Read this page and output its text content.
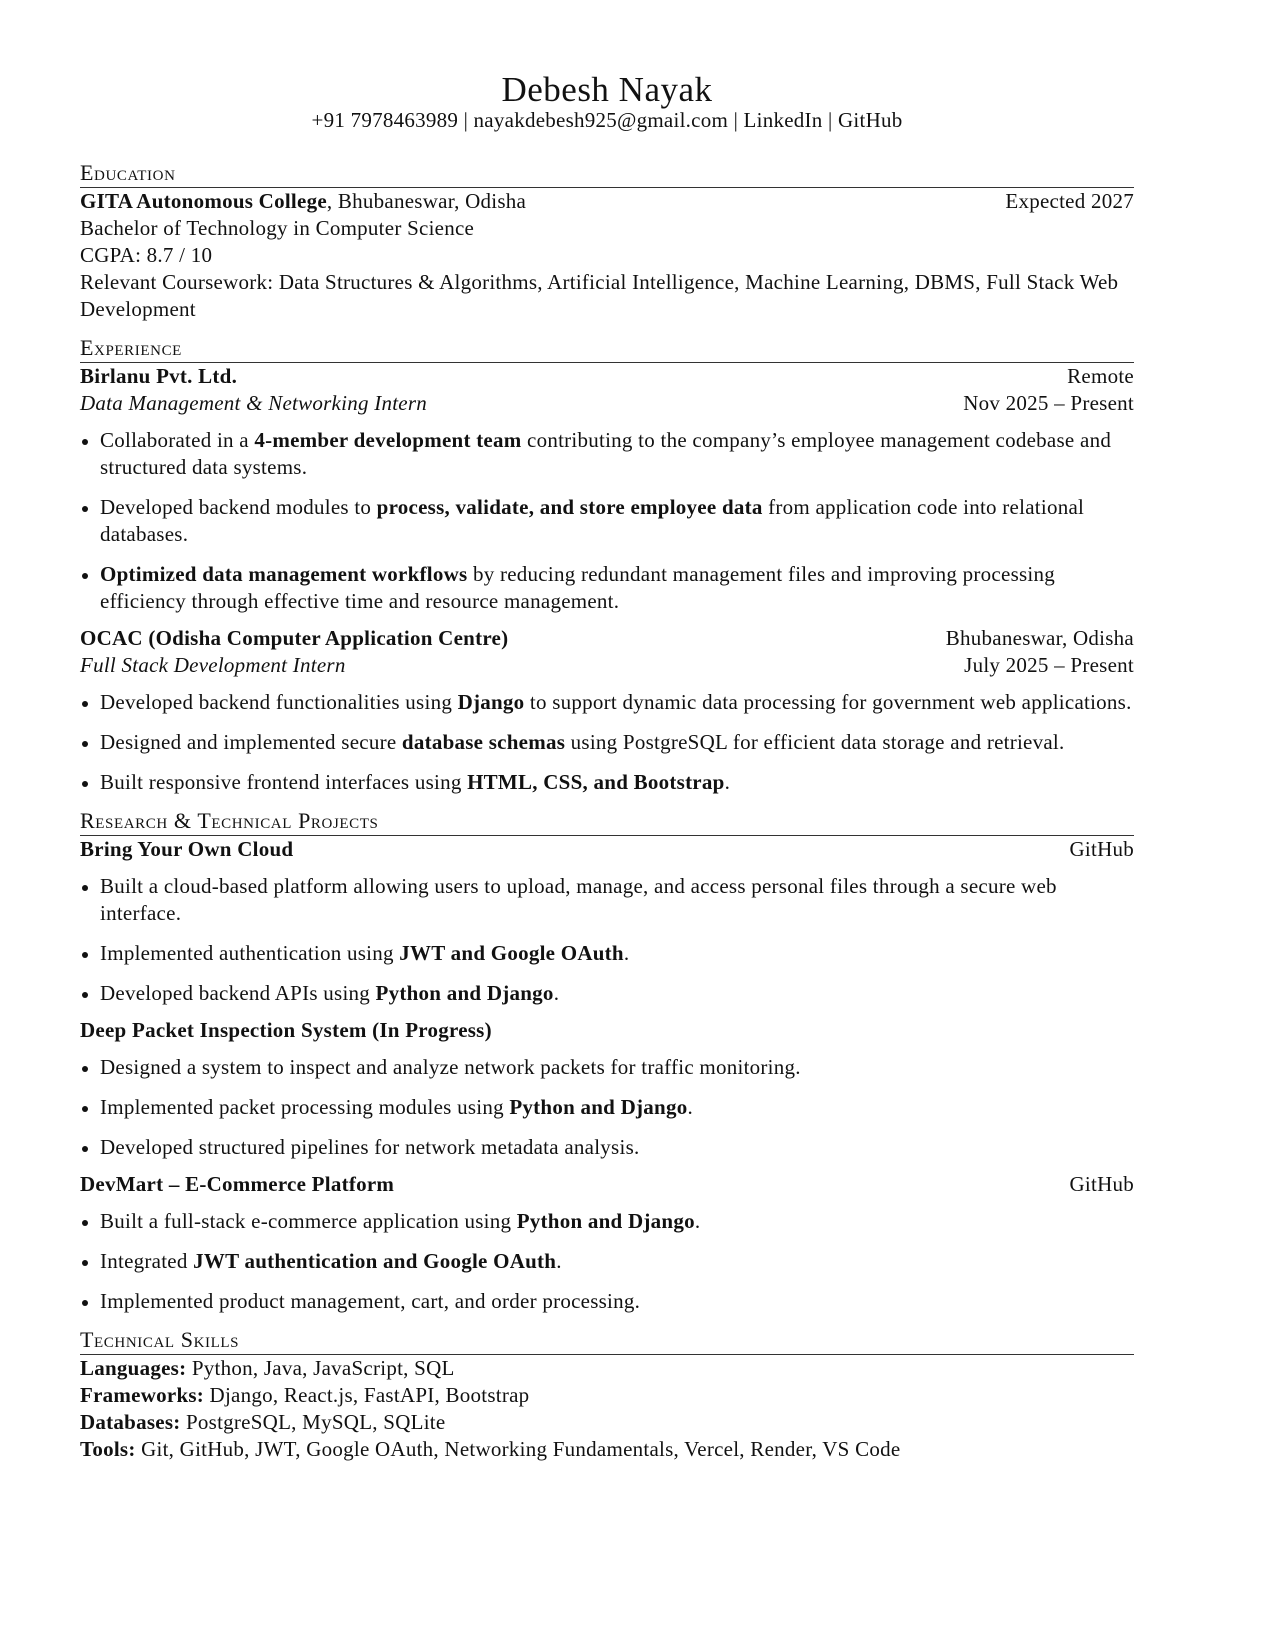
Debesh Nayak
+91 7978463989 | nayakdebesh925@gmail.com | LinkedIn | GitHub
Education
GITA Autonomous College, Bhubaneswar, Odisha	Expected 2027
Bachelor of Technology in Computer Science
CGPA: 8.7 / 10
Relevant Coursework: Data Structures & Algorithms, Artificial Intelligence, Machine Learning, DBMS, Full Stack Web Development
Experience
Birlanu Pvt. Ltd.	Remote
Data Management & Networking Intern	Nov 2025 – Present
Collaborated in a 4-member development team contributing to the company’s employee management codebase and structured data systems.
Developed backend modules to process, validate, and store employee data from application code into relational databases.
Optimized data management workflows by reducing redundant management files and improving processing efficiency through effective time and resource management.
OCAC (Odisha Computer Application Centre)	Bhubaneswar, Odisha
Full Stack Development Intern	July 2025 – Present
Developed backend functionalities using Django to support dynamic data processing for government web applications.
Designed and implemented secure database schemas using PostgreSQL for efficient data storage and retrieval.
Built responsive frontend interfaces using HTML, CSS, and Bootstrap.
Research & Technical Projects
Bring Your Own Cloud	GitHub
Built a cloud-based platform allowing users to upload, manage, and access personal files through a secure web interface.
Implemented authentication using JWT and Google OAuth.
Developed backend APIs using Python and Django.
Deep Packet Inspection System (In Progress)
Designed a system to inspect and analyze network packets for traffic monitoring.
Implemented packet processing modules using Python and Django.
Developed structured pipelines for network metadata analysis.
DevMart – E-Commerce Platform	GitHub
Built a full-stack e-commerce application using Python and Django.
Integrated JWT authentication and Google OAuth.
Implemented product management, cart, and order processing.
Technical Skills
Languages: Python, Java, JavaScript, SQL
Frameworks: Django, React.js, FastAPI, Bootstrap
Databases: PostgreSQL, MySQL, SQLite
Tools: Git, GitHub, JWT, Google OAuth, Networking Fundamentals, Vercel, Render, VS Code
